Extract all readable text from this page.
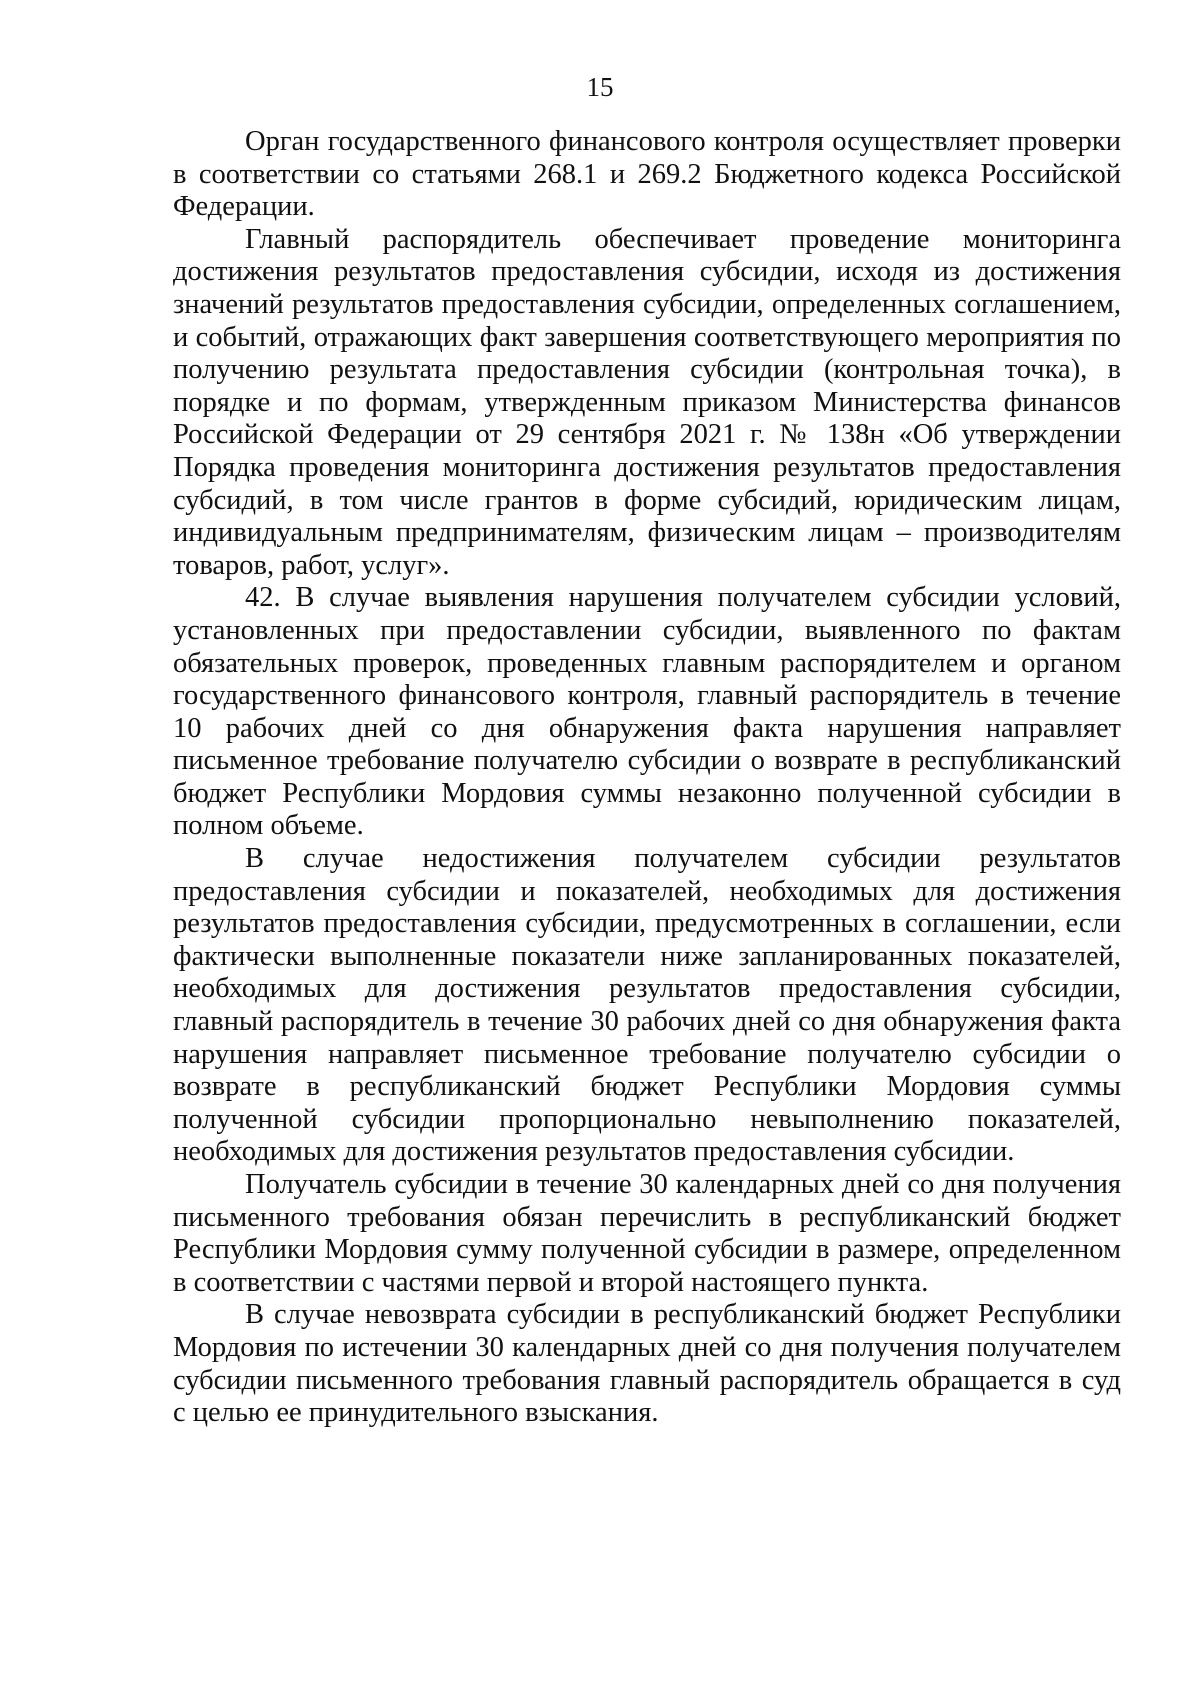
15

Орган государственного финансового контроля осуществляет проверки в соответствии со статьями 268.1 и 269.2 Бюджетного кодекса Российской Федерации.

Главный распорядитель обеспечивает проведение мониторинга достижения результатов предоставления субсидии, исходя из достижения значений результатов предоставления субсидии, определенных соглашением, и событий, отражающих факт завершения соответствующего мероприятия по получению результата предоставления субсидии (контрольная точка), в порядке и по формам, утвержденным приказом Министерства финансов Российской Федерации от 29 сентября 2021 г. № 138н «Об утверждении Порядка проведения мониторинга достижения результатов предоставления субсидий, в том числе грантов в форме субсидий, юридическим лицам, индивидуальным предпринимателям, физическим лицам – производителям товаров, работ, услуг».

42. В случае выявления нарушения получателем субсидии условий, установленных при предоставлении субсидии, выявленного по фактам обязательных проверок, проведенных главным распорядителем и органом государственного финансового контроля, главный распорядитель в течение 10 рабочих дней со дня обнаружения факта нарушения направляет письменное требование получателю субсидии о возврате в республиканский бюджет Республики Мордовия суммы незаконно полученной субсидии в полном объеме.

В случае недостижения получателем субсидии результатов предоставления субсидии и показателей, необходимых для достижения результатов предоставления субсидии, предусмотренных в соглашении, если фактически выполненные показатели ниже запланированных показателей, необходимых для достижения результатов предоставления субсидии, главный распорядитель в течение 30 рабочих дней со дня обнаружения факта нарушения направляет письменное требование получателю субсидии о возврате в республиканский бюджет Республики Мордовия суммы полученной субсидии пропорционально невыполнению показателей, необходимых для достижения результатов предоставления субсидии.

Получатель субсидии в течение 30 календарных дней со дня получения письменного требования обязан перечислить в республиканский бюджет Республики Мордовия сумму полученной субсидии в размере, определенном в соответствии с частями первой и второй настоящего пункта.

В случае невозврата субсидии в республиканский бюджет Республики Мордовия по истечении 30 календарных дней со дня получения получателем субсидии письменного требования главный распорядитель обращается в суд с целью ее принудительного взыскания.
